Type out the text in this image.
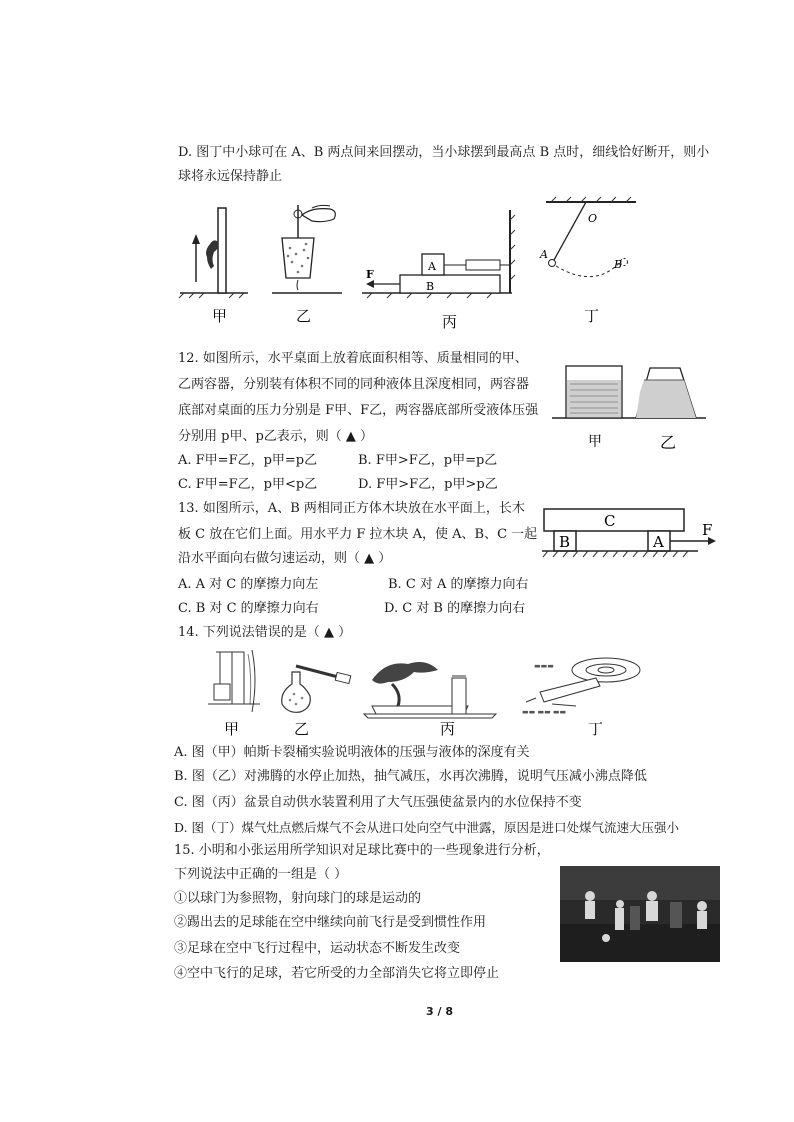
D. 图丁中小球可在 A、B 两点间来回摆动，当小球摆到最高点 B 点时，细线恰好断开，则小
球将永远保持静止
甲	乙
F
A
B
丙
O
A
B
丁
12. 如图所示，水平桌面上放着底面积相等、质量相同的甲、
乙两容器，分别装有体积不同的同种液体且深度相同，两容器
底部对桌面的压力分别是 F甲、F乙，两容器底部所受液体压强
分别用 p甲、p乙表示，则（ ▲ ）
A. F甲=F乙，p甲=p乙	B. F甲>F乙，p甲=p乙
C. F甲=F乙，p甲<p乙	D. F甲>F乙，p甲>p乙
甲	乙
13. 如图所示，A、B 两相同正方体木块放在水平面上，长木
板 C 放在它们上面。用水平力 F 拉木块 A，使 A、B、C 一起
沿水平面向右做匀速运动，则（ ▲ ）
A. A 对 C 的摩擦力向左	B. C 对 A 的摩擦力向右
C. B 对 C 的摩擦力向右	D. C 对 B 的摩擦力向右
C
B	A
F
14. 下列说法错误的是（ ▲ ）
甲	乙	丙
▬▬▬
▬▬ ▬▬ ▬▬
丁
A. 图（甲）帕斯卡裂桶实验说明液体的压强与液体的深度有关
B. 图（乙）对沸腾的水停止加热，抽气减压，水再次沸腾，说明气压减小沸点降低
C. 图（丙）盆景自动供水装置利用了大气压强使盆景内的水位保持不变
D. 图（丁）煤气灶点燃后煤气不会从进口处向空气中泄露，原因是进口处煤气流速大压强小
15. 小明和小张运用所学知识对足球比赛中的一些现象进行分析，
下列说法中正确的一组是（ ）
①以球门为参照物，射向球门的球是运动的
②踢出去的足球能在空中继续向前飞行是受到惯性作用
③足球在空中飞行过程中，运动状态不断发生改变
④空中飞行的足球，若它所受的力全部消失它将立即停止
3 / 8
